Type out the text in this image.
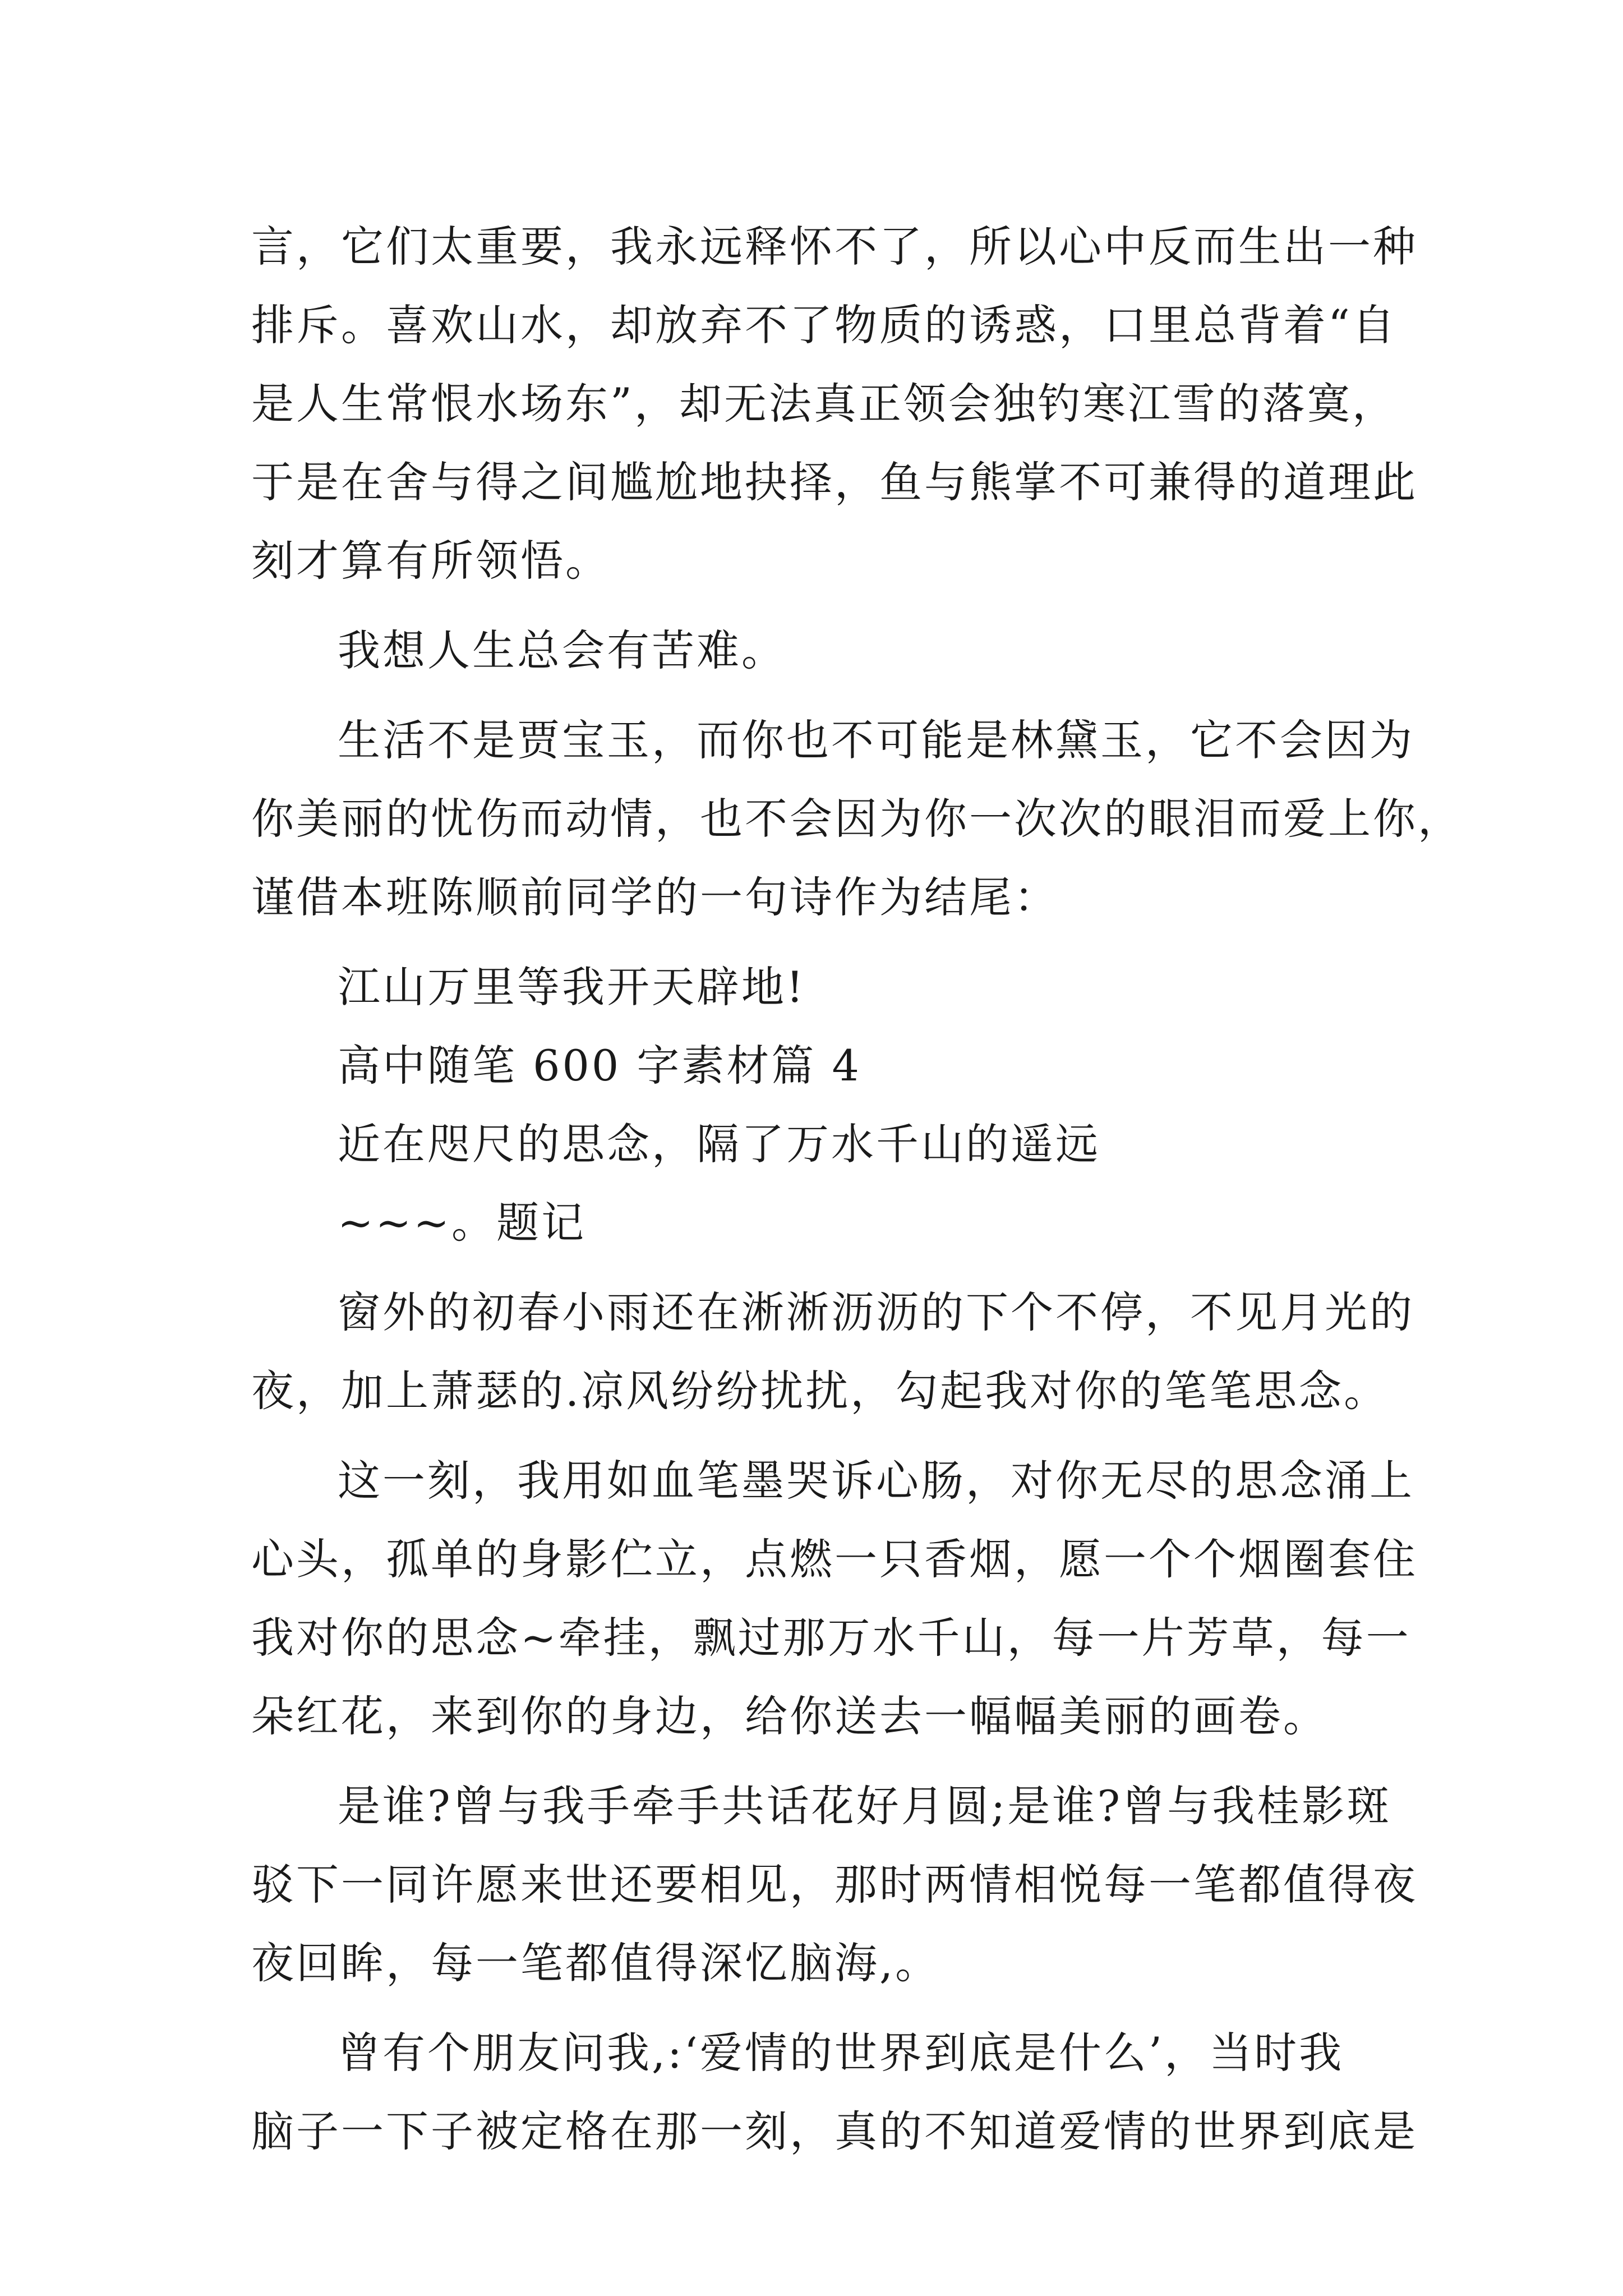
言，它们太重要，我永远释怀不了，所以心中反而生出一种
排斥。喜欢山水，却放弃不了物质的诱惑，口里总背着“自
是人生常恨水场东”，却无法真正领会独钓寒江雪的落寞，
于是在舍与得之间尴尬地抉择，鱼与熊掌不可兼得的道理此
刻才算有所领悟。
我想人生总会有苦难。
生活不是贾宝玉，而你也不可能是林黛玉，它不会因为
你美丽的忧伤而动情，也不会因为你一次次的眼泪而爱上你，
谨借本班陈顺前同学的一句诗作为结尾：
江山万里等我开天辟地!
高中随笔 600 字素材篇 4
近在咫尺的思念，隔了万水千山的遥远
~~~。题记
窗外的初春小雨还在淅淅沥沥的下个不停，不见月光的
夜，加上萧瑟的.凉风纷纷扰扰，勾起我对你的笔笔思念。
这一刻，我用如血笔墨哭诉心肠，对你无尽的思念涌上
心头，孤单的身影伫立，点燃一只香烟，愿一个个烟圈套住
我对你的思念~牵挂，飘过那万水千山，每一片芳草，每一
朵红花，来到你的身边，给你送去一幅幅美丽的画卷。
是谁?曾与我手牵手共话花好月圆;是谁?曾与我桂影斑
驳下一同许愿来世还要相见，那时两情相悦每一笔都值得夜
夜回眸，每一笔都值得深忆脑海,。
曾有个朋友问我,:‘爱情的世界到底是什么’，当时我
脑子一下子被定格在那一刻，真的不知道爱情的世界到底是
